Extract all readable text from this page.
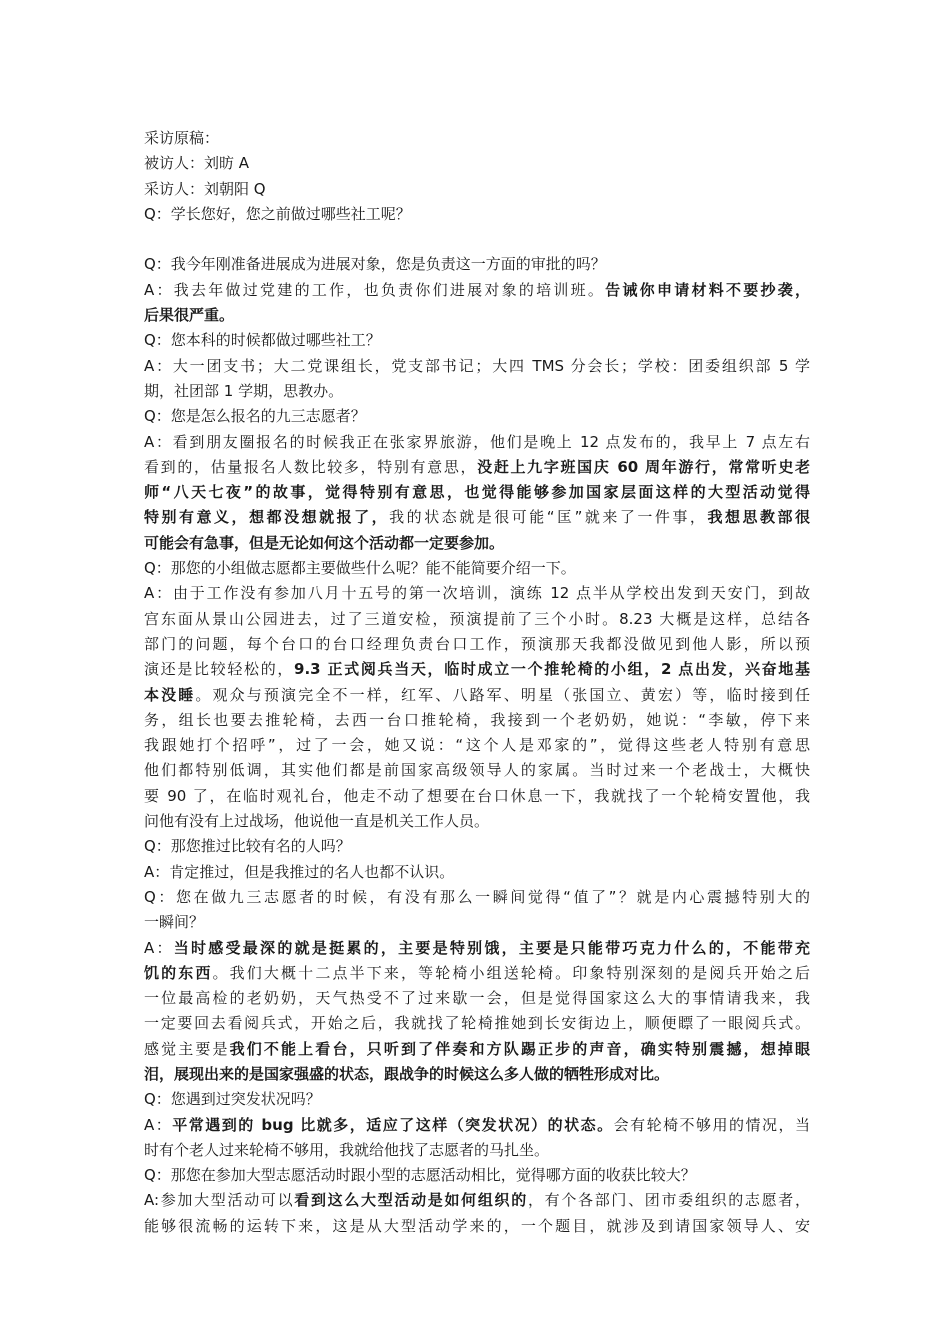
采访原稿：
被访人：刘昉 A
采访人：刘朝阳 Q
Q：学长您好，您之前做过哪些社工呢？
Q：我今年刚准备进展成为进展对象，您是负责这一方面的审批的吗？
A：我去年做过党建的工作，也负责你们进展对象的培训班。告诫你申请材料不要抄袭，
后果很严重。
Q：您本科的时候都做过哪些社工？
A：大一团支书；大二党课组长，党支部书记；大四 TMS 分会长；学校：团委组织部 5 学
期，社团部 1 学期，思教办。
Q：您是怎么报名的九三志愿者？
A：看到朋友圈报名的时候我正在张家界旅游，他们是晚上 12 点发布的，我早上 7 点左右
看到的，估量报名人数比较多，特别有意思，没赶上九字班国庆 60 周年游行，常常听史老
师“八天七夜”的故事，觉得特别有意思，也觉得能够参加国家层面这样的大型活动觉得
特别有意义，想都没想就报了，我的状态就是很可能“匡”就来了一件事，我想思教部很
可能会有急事，但是无论如何这个活动都一定要参加。
Q：那您的小组做志愿都主要做些什么呢？能不能简要介绍一下。
A：由于工作没有参加八月十五号的第一次培训，演练 12 点半从学校出发到天安门，到故
宫东面从景山公园进去，过了三道安检，预演提前了三个小时。8.23 大概是这样，总结各
部门的问题，每个台口的台口经理负责台口工作，预演那天我都没做见到他人影，所以预
演还是比较轻松的，9.3 正式阅兵当天，临时成立一个推轮椅的小组，2 点出发，兴奋地基
本没睡。观众与预演完全不一样，红军、八路军、明星（张国立、黄宏）等，临时接到任
务，组长也要去推轮椅，去西一台口推轮椅，我接到一个老奶奶，她说：“李敏，停下来
我跟她打个招呼”，过了一会，她又说：“这个人是邓家的”，觉得这些老人特别有意思
他们都特别低调，其实他们都是前国家高级领导人的家属。当时过来一个老战士，大概快
要 90 了，在临时观礼台，他走不动了想要在台口休息一下，我就找了一个轮椅安置他，我
问他有没有上过战场，他说他一直是机关工作人员。
Q：那您推过比较有名的人吗？
A：肯定推过，但是我推过的名人也都不认识。
Q：您在做九三志愿者的时候，有没有那么一瞬间觉得“值了”？就是内心震撼特别大的
一瞬间？
A：当时感受最深的就是挺累的，主要是特别饿，主要是只能带巧克力什么的，不能带充
饥的东西。我们大概十二点半下来，等轮椅小组送轮椅。印象特别深刻的是阅兵开始之后
一位最高检的老奶奶，天气热受不了过来歇一会，但是觉得国家这么大的事情请我来，我
一定要回去看阅兵式，开始之后，我就找了轮椅推她到长安街边上，顺便瞟了一眼阅兵式。
感觉主要是我们不能上看台，只听到了伴奏和方队踢正步的声音，确实特别震撼，想掉眼
泪，展现出来的是国家强盛的状态，跟战争的时候这么多人做的牺牲形成对比。
Q：您遇到过突发状况吗？
A：平常遇到的 bug 比就多，适应了这样（突发状况）的状态。会有轮椅不够用的情况，当
时有个老人过来轮椅不够用，我就给他找了志愿者的马扎坐。
Q：那您在参加大型志愿活动时跟小型的志愿活动相比，觉得哪方面的收获比较大？
A:参加大型活动可以看到这么大型活动是如何组织的，有个各部门、团市委组织的志愿者，
能够很流畅的运转下来，这是从大型活动学来的，一个题目，就涉及到请国家领导人、安
